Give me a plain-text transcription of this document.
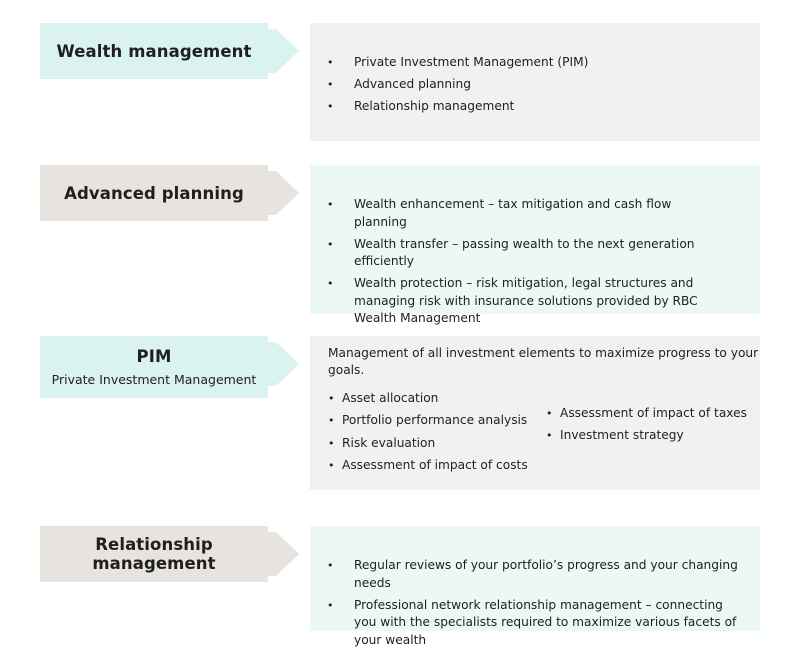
Wealth management
• Private Investment Management (PIM)
• Advanced planning
• Relationship management
Advanced planning
• Wealth enhancement – tax mitigation and cash flow planning
• Wealth transfer – passing wealth to the next generation efficiently
• Wealth protection – risk mitigation, legal structures and managing risk with insurance solutions provided by RBC Wealth Management
PIM
Private Investment Management
Management of all investment elements to maximize progress to your goals.
• Asset allocation
• Portfolio performance analysis
• Risk evaluation
• Assessment of impact of costs
• Assessment of impact of taxes
• Investment strategy
Relationship management
•	Regular reviews of your portfolio’s progress and your changing needs
• Professional network relationship management – connecting you with the specialists required to maximize various facets of your wealth
